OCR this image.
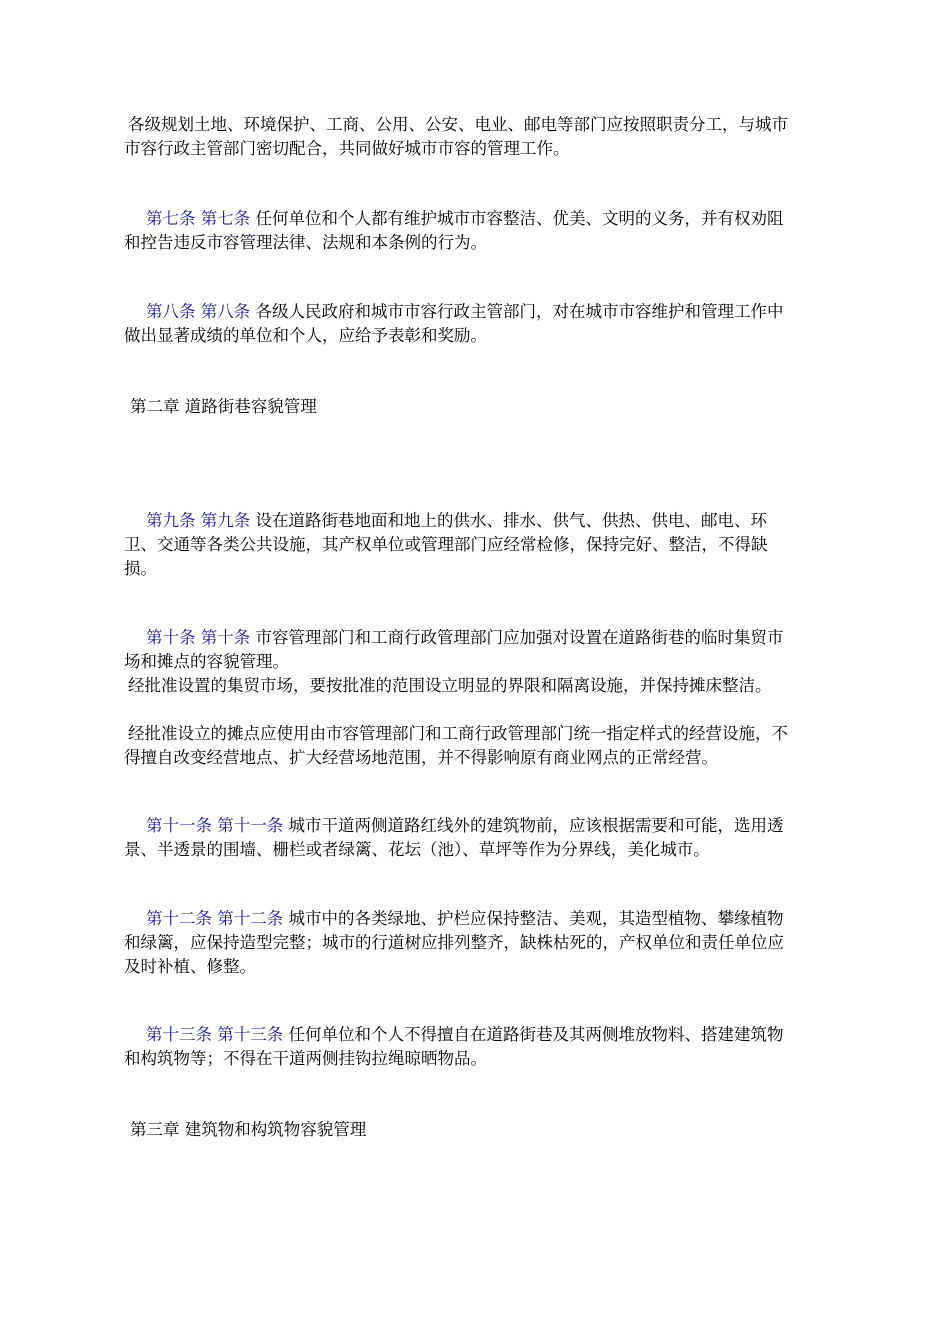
各级规划土地、环境保护、工商、公用、公安、电业、邮电等部门应按照职责分工，与城市
市容行政主管部门密切配合，共同做好城市市容的管理工作。
第七条 第七条 任何单位和个人都有维护城市市容整洁、优美、文明的义务，并有权劝阻
和控告违反市容管理法律、法规和本条例的行为。
第八条 第八条 各级人民政府和城市市容行政主管部门，对在城市市容维护和管理工作中
做出显著成绩的单位和个人，应给予表彰和奖励。
第二章 道路街巷容貌管理
第九条 第九条 设在道路街巷地面和地上的供水、排水、供气、供热、供电、邮电、环
卫、交通等各类公共设施，其产权单位或管理部门应经常检修，保持完好、整洁，不得缺
损。
第十条 第十条 市容管理部门和工商行政管理部门应加强对设置在道路街巷的临时集贸市
场和摊点的容貌管理。
经批准设置的集贸市场，要按批准的范围设立明显的界限和隔离设施，并保持摊床整洁。
经批准设立的摊点应使用由市容管理部门和工商行政管理部门统一指定样式的经营设施，不
得擅自改变经营地点、扩大经营场地范围，并不得影响原有商业网点的正常经营。
第十一条 第十一条 城市干道两侧道路红线外的建筑物前，应该根据需要和可能，选用透
景、半透景的围墙、栅栏或者绿篱、花坛（池）、草坪等作为分界线，美化城市。
第十二条 第十二条 城市中的各类绿地、护栏应保持整洁、美观，其造型植物、攀缘植物
和绿篱，应保持造型完整；城市的行道树应排列整齐，缺株枯死的，产权单位和责任单位应
及时补植、修整。
第十三条 第十三条 任何单位和个人不得擅自在道路街巷及其两侧堆放物料、搭建建筑物
和构筑物等；不得在干道两侧挂钩拉绳晾晒物品。
第三章 建筑物和构筑物容貌管理
